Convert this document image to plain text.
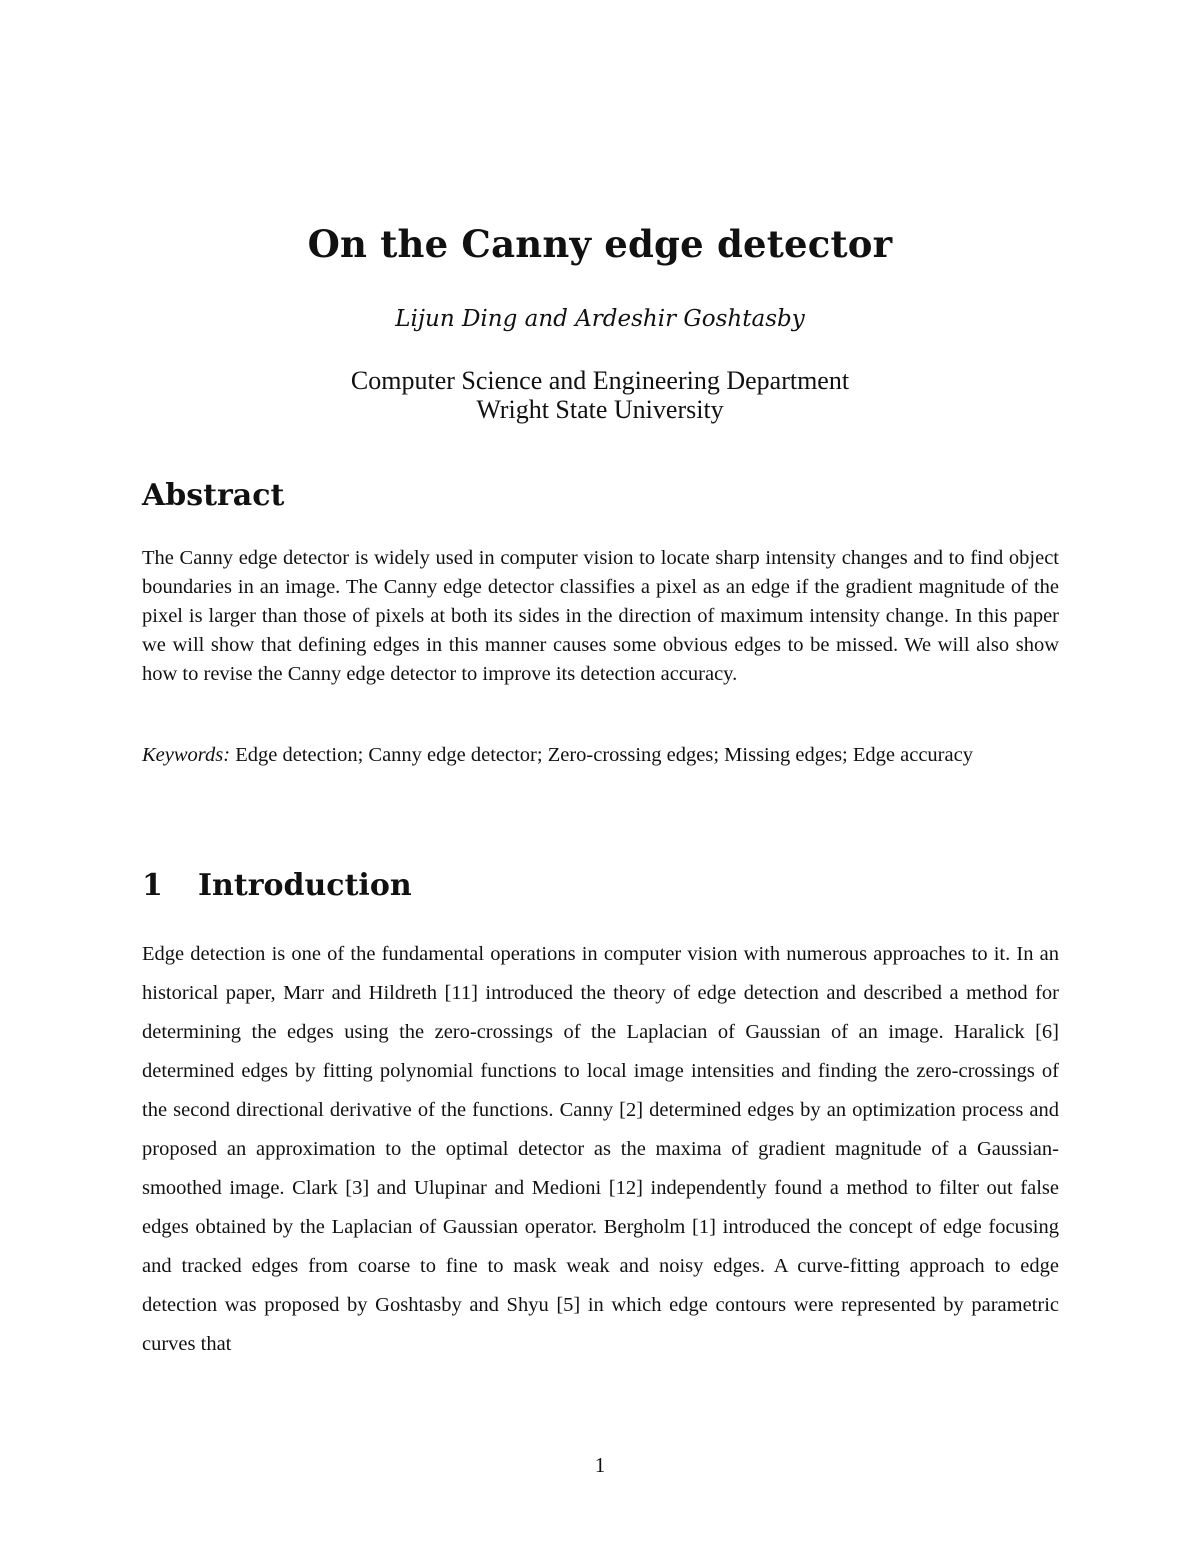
On the Canny edge detector

Lijun Ding and Ardeshir Goshtasby

Computer Science and Engineering Department
Wright State University
Abstract

The Canny edge detector is widely used in computer vision to locate sharp intensity changes and to find object boundaries in an image. The Canny edge detector classifies a pixel as an edge if the gradient magnitude of the pixel is larger than those of pixels at both its sides in the direction of maximum intensity change. In this paper we will show that defining edges in this manner causes some obvious edges to be missed. We will also show how to revise the Canny edge detector to improve its detection accuracy.

Keywords: Edge detection; Canny edge detector; Zero-crossing edges; Missing edges; Edge accuracy

1 Introduction

Edge detection is one of the fundamental operations in computer vision with numerous approaches to it. In an historical paper, Marr and Hildreth [11] introduced the theory of edge detection and described a method for determining the edges using the zero-crossings of the Laplacian of Gaussian of an image. Haralick [6] determined edges by fitting polynomial functions to local image intensities and finding the zero-crossings of the second directional derivative of the functions. Canny [2] determined edges by an optimization process and proposed an approximation to the optimal detector as the maxima of gradient magnitude of a Gaussian-smoothed image. Clark [3] and Ulupinar and Medioni [12] independently found a method to filter out false edges obtained by the Laplacian of Gaussian operator. Bergholm [1] introduced the concept of edge focusing and tracked edges from coarse to fine to mask weak and noisy edges. A curve-fitting approach to edge detection was proposed by Goshtasby and Shyu [5] in which edge contours were represented by parametric curves that

1
